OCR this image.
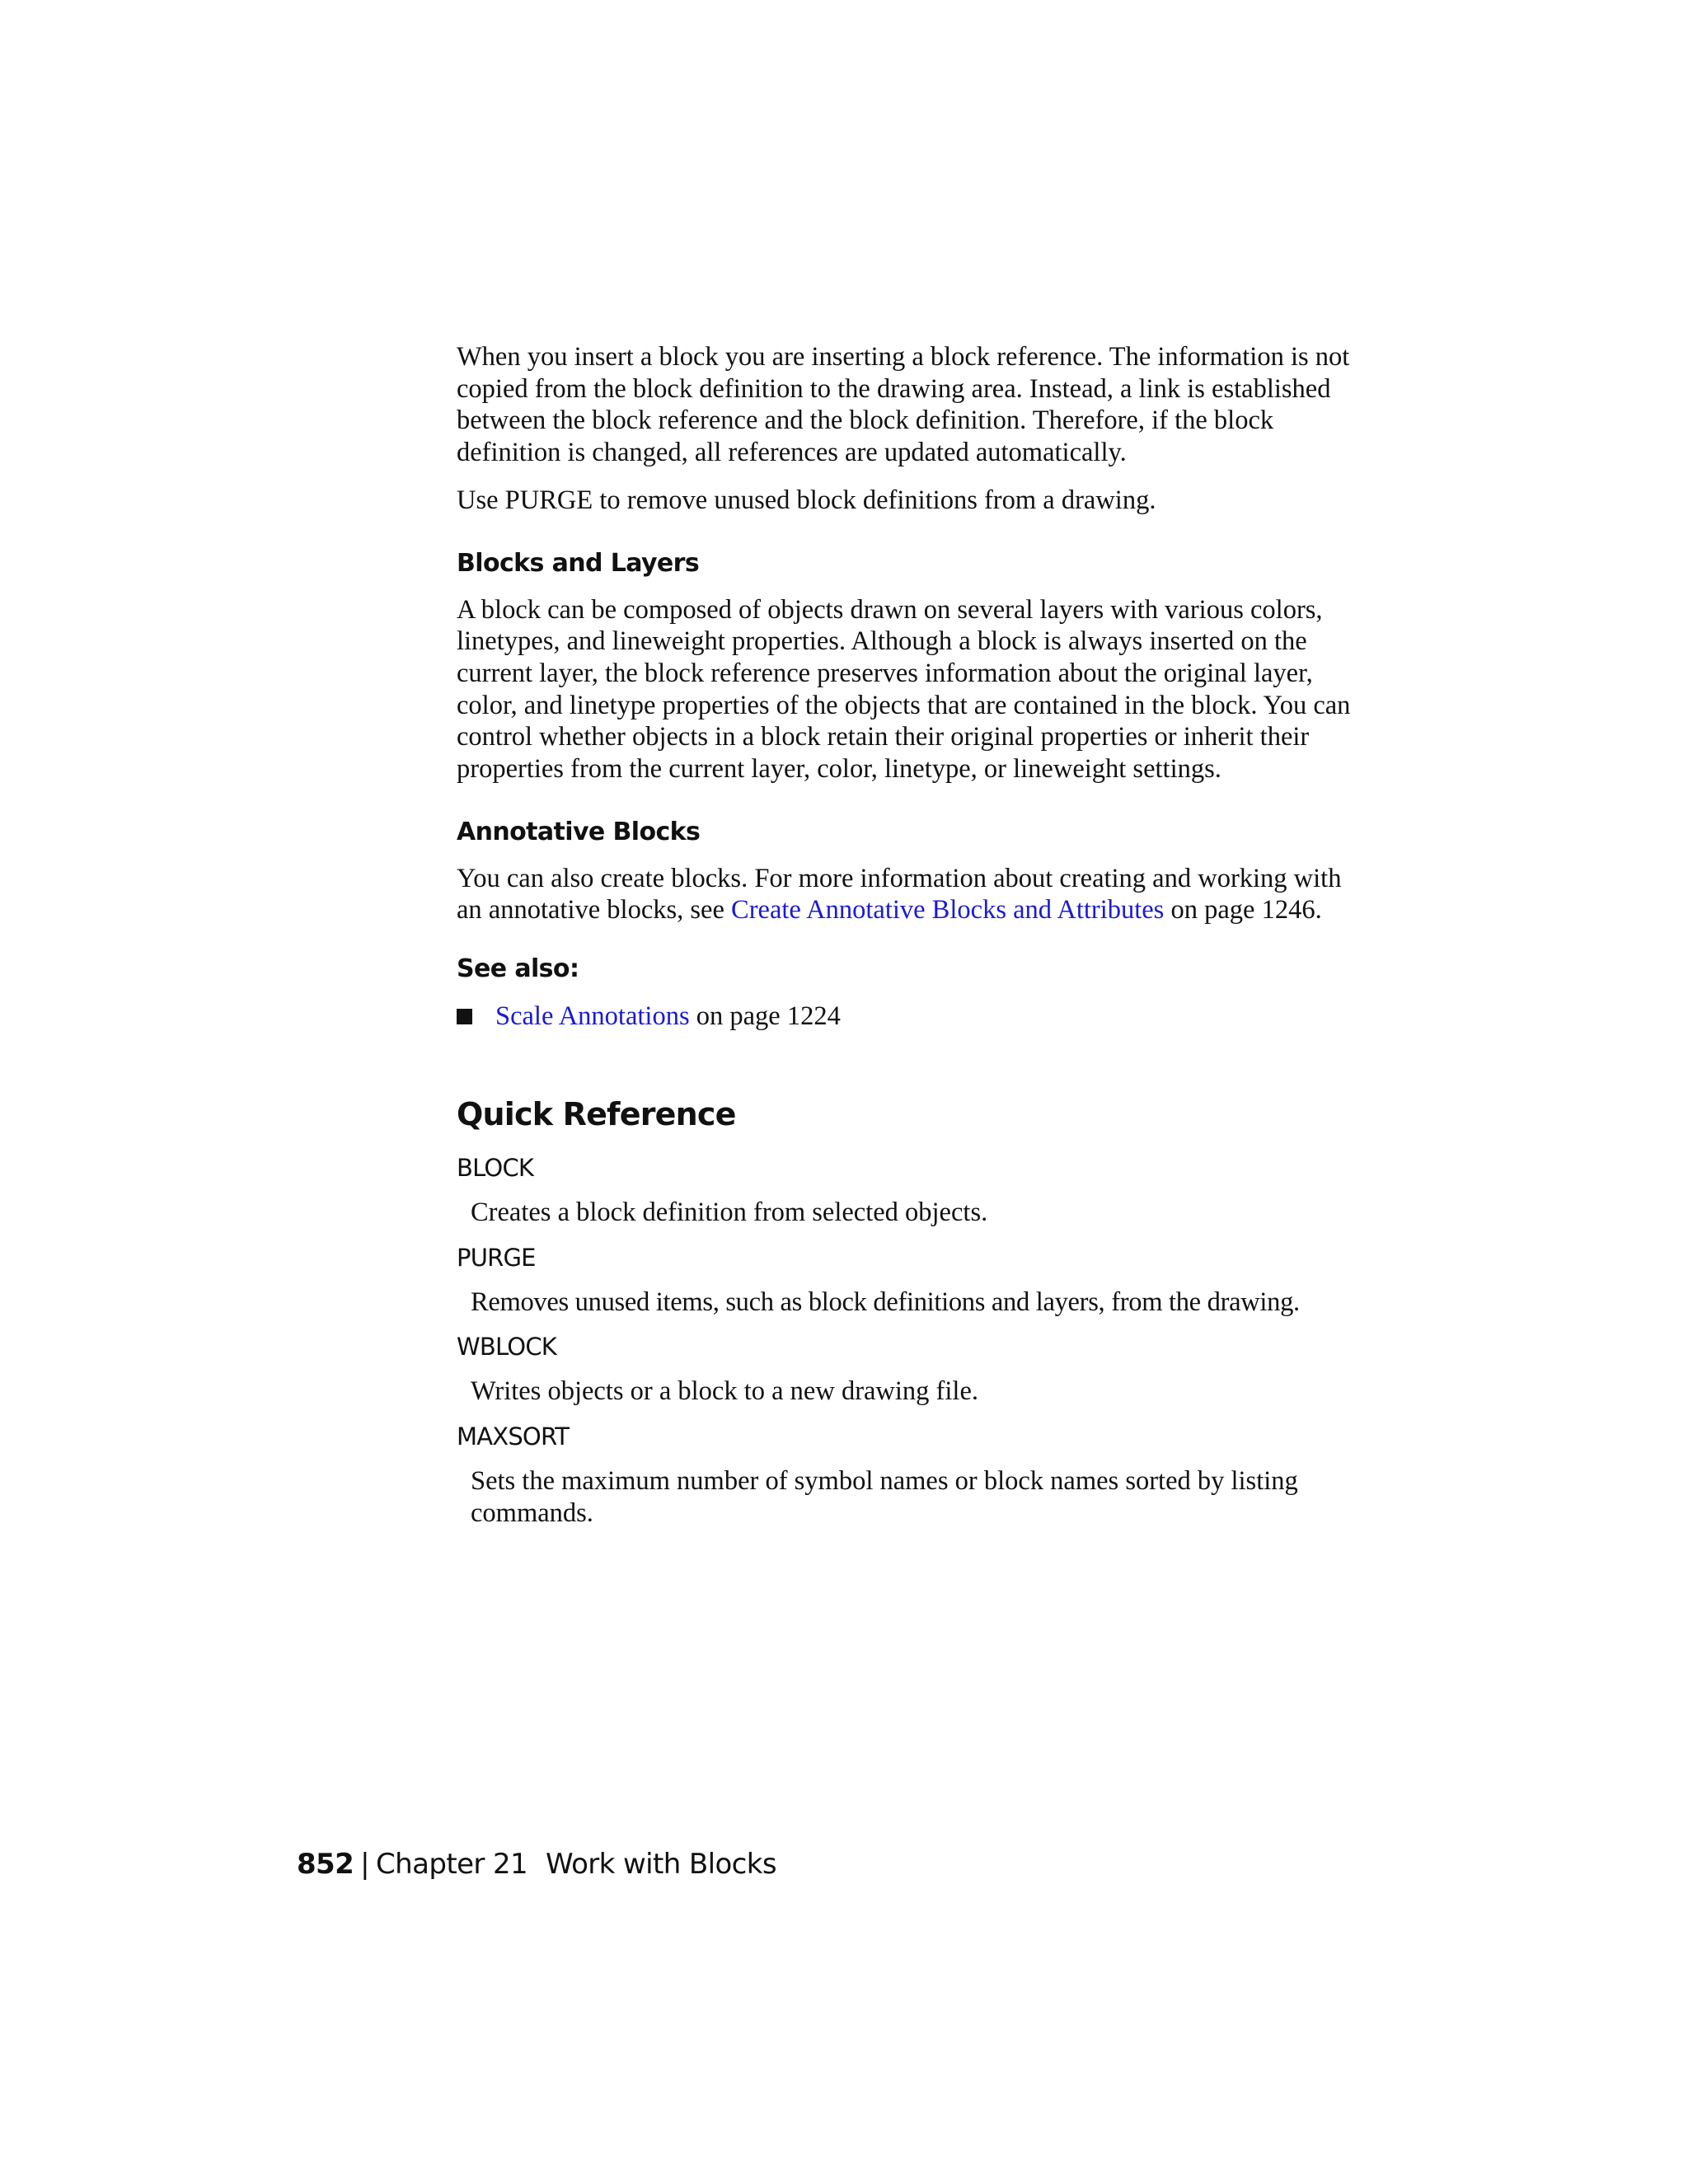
When you insert a block you are inserting a block reference. The information is not copied from the block definition to the drawing area. Instead, a link is established between the block reference and the block definition. Therefore, if the block definition is changed, all references are updated automatically.

Use PURGE to remove unused block definitions from a drawing.

Blocks and Layers

A block can be composed of objects drawn on several layers with various colors, linetypes, and lineweight properties. Although a block is always inserted on the current layer, the block reference preserves information about the original layer, color, and linetype properties of the objects that are contained in the block. You can control whether objects in a block retain their original properties or inherit their properties from the current layer, color, linetype, or lineweight settings.

Annotative Blocks

You can also create blocks. For more information about creating and working with an annotative blocks, see Create Annotative Blocks and Attributes on page 1246.

See also:
Scale Annotations on page 1224
Quick Reference
BLOCK

Creates a block definition from selected objects.

PURGE

Removes unused items, such as block definitions and layers, from the drawing.

WBLOCK

Writes objects or a block to a new drawing file.

MAXSORT

Sets the maximum number of symbol names or block names sorted by listing commands.

852 | Chapter 21 Work with Blocks
